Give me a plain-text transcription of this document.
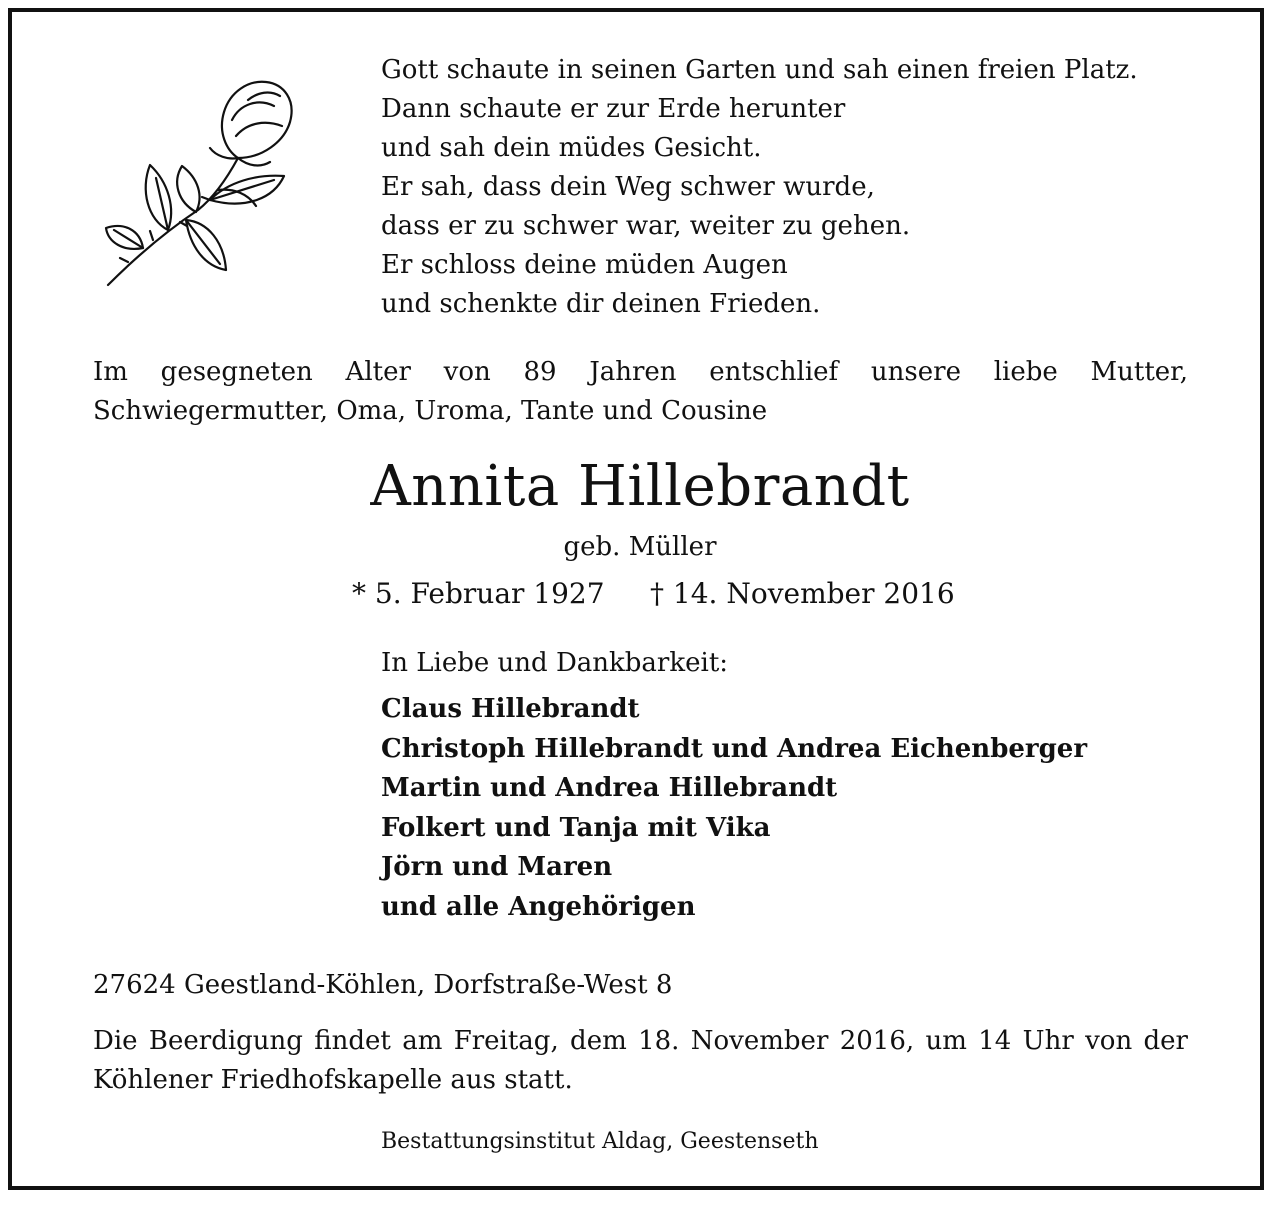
Gott schaute in seinen Garten und sah einen freien Platz.
Dann schaute er zur Erde herunter
und sah dein müdes Gesicht.
Er sah, dass dein Weg schwer wurde,
dass er zu schwer war, weiter zu gehen.
Er schloss deine müden Augen
und schenkte dir deinen Frieden.
Im gesegneten Alter von 89 Jahren entschlief unsere liebe Mutter, Schwiegermutter, Oma, Uroma, Tante und Cousine
Annita Hillebrandt
geb. Müller
* 5. Februar 1927 † 14. November 2016
In Liebe und Dankbarkeit:
Claus Hillebrandt
Christoph Hillebrandt und Andrea Eichenberger
Martin und Andrea Hillebrandt
Folkert und Tanja mit Vika
Jörn und Maren
und alle Angehörigen
27624 Geestland-Köhlen, Dorfstraße-West 8
Die Beerdigung findet am Freitag, dem 18. November 2016, um 14 Uhr von der Köhlener Friedhofskapelle aus statt.
Bestattungsinstitut Aldag, Geestenseth
